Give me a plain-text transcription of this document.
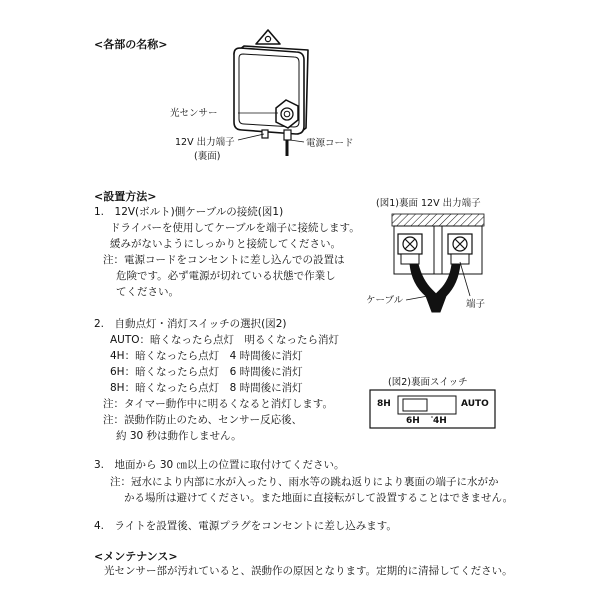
<各部の名称>
光センサー
12V 出力端子
(裏面)
電源コード
<設置方法>
1.　12V(ボルト)側ケーブルの接続(図1)
ドライバーを使用してケーブルを端子に接続します。
緩みがないようにしっかりと接続してください。
注：電源コードをコンセントに差し込んでの設置は
危険です。必ず電源が切れている状態で作業し
てください。
2.　自動点灯・消灯スイッチの選択(図2)
AUTO：暗くなったら点灯　明るくなったら消灯
4H：暗くなったら点灯　4 時間後に消灯
6H：暗くなったら点灯　6 時間後に消灯
8H：暗くなったら点灯　8 時間後に消灯
注：タイマー動作中に明るくなると消灯します。
注：誤動作防止のため、センサー反応後、
約 30 秒は動作しません。
3.　地面から 30 ㎝以上の位置に取付けてください。
注：冠水により内部に水が入ったり、雨水等の跳ね返りにより裏面の端子に水がか
かる場所は避けてください。また地面に直接転がして設置することはできません。
4.　ライトを設置後、電源プラグをコンセントに差し込みます。
(図1)裏面 12V 出力端子
ケーブル	端子
(図2)裏面スイッチ
8H	AUTO
6H 4H
<メンテナンス>
光センサー部が汚れていると、誤動作の原因となります。定期的に清掃してください。
